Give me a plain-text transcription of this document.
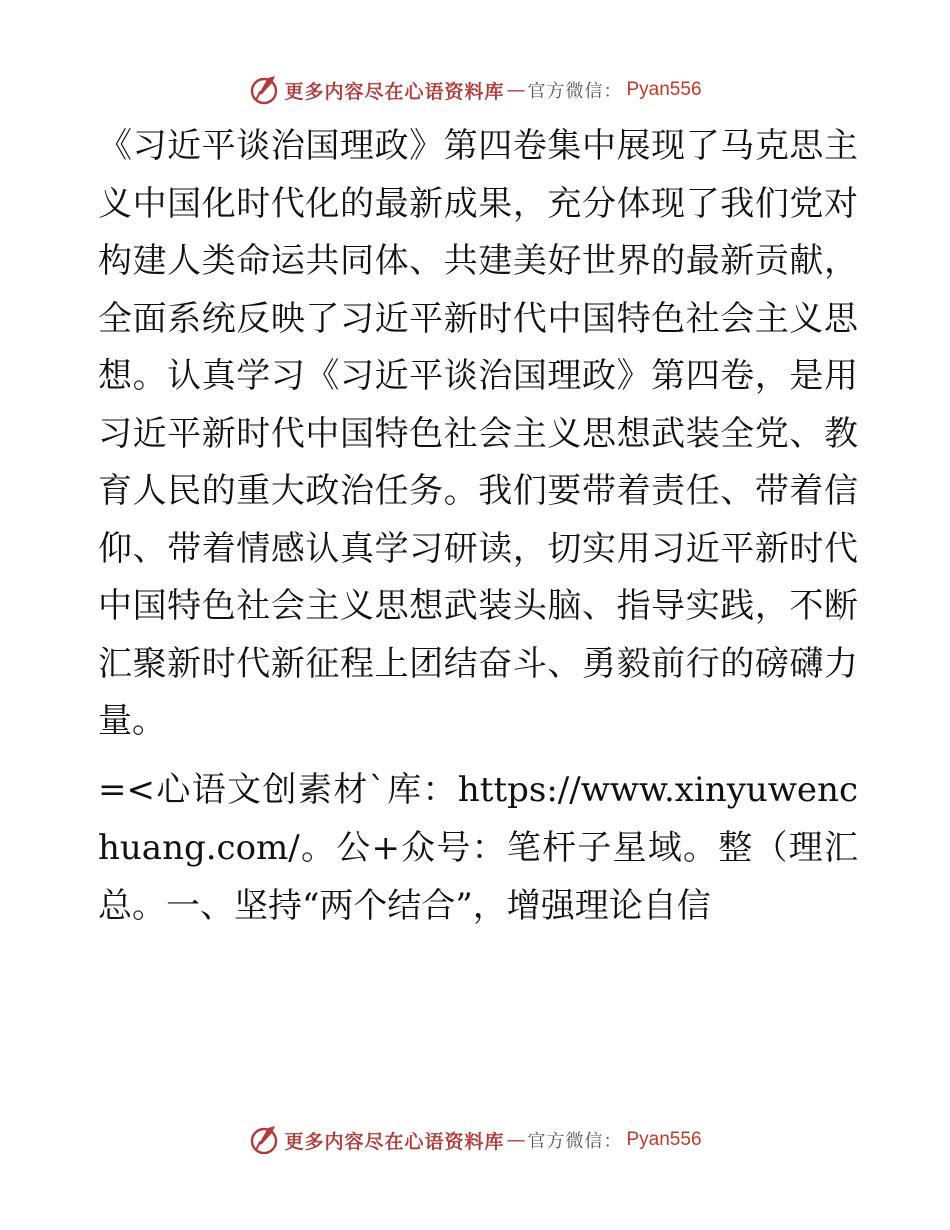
更多内容尽在心语资料库 — 官方微信： Pyan556

《习近平谈治国理政》第四卷集中展现了马克思主义中国化时代化的最新成果，充分体现了我们党对构建人类命运共同体、共建美好世界的最新贡献，全面系统反映了习近平新时代中国特色社会主义思想。认真学习《习近平谈治国理政》第四卷，是用习近平新时代中国特色社会主义思想武装全党、教育人民的重大政治任务。我们要带着责任、带着信仰、带着情感认真学习研读，切实用习近平新时代中国特色社会主义思想武装头脑、指导实践，不断汇聚新时代新征程上团结奋斗、勇毅前行的磅礴力量。

=<心语文创素材`库：https://www.xinyuwenchuang.com/。公+众号：笔杆子星域。整（理汇总。一、坚持“两个结合”，增强理论自信

更多内容尽在心语资料库 — 官方微信： Pyan556
